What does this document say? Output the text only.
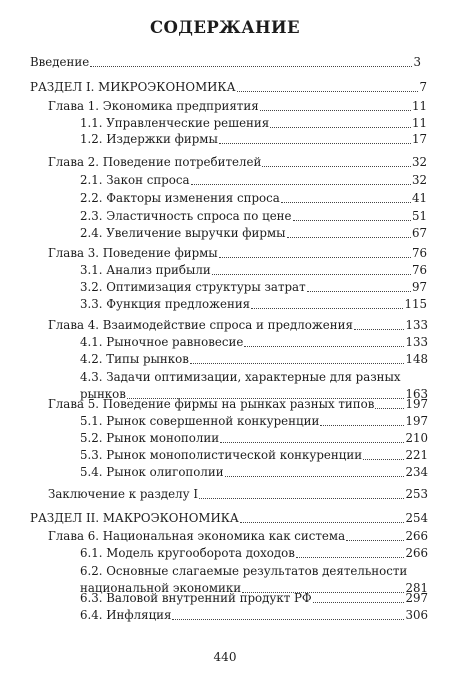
СОДЕРЖАНИЕ
Введение	3
РАЗДЕЛ I. МИКРОЭКОНОМИКА	7
Глава 1. Экономика предприятия	11
1.1. Управленческие решения	11
1.2. Издержки фирмы	17
Глава 2. Поведение потребителей	32
2.1. Закон спроса	32
2.2. Факторы изменения спроса	41
2.3. Эластичность спроса по цене	51
2.4. Увеличение выручки фирмы	67
Глава 3. Поведение фирмы	76
3.1. Анализ прибыли	76
3.2. Оптимизация структуры затрат	97
3.3. Функция предложения	115
Глава 4. Взаимодействие спроса и предложения	133
4.1. Рыночное равновесие	133
4.2. Типы рынков	148
4.3. Задачи оптимизации, характерные для разных
рынков	163
Глава 5. Поведение фирмы на рынках разных типов	197
5.1. Рынок совершенной конкуренции	197
5.2. Рынок монополии	210
5.3. Рынок монополистической конкуренции	221
5.4. Рынок олигополии	234
Заключение к разделу I	253
РАЗДЕЛ II. МАКРОЭКОНОМИКА	254
Глава 6. Национальная экономика как система	266
6.1. Модель кругооборота доходов	266
6.2. Основные слагаемые результатов деятельности
национальной экономики	281
6.3. Валовой внутренний продукт РФ	297
6.4. Инфляция	306
440
